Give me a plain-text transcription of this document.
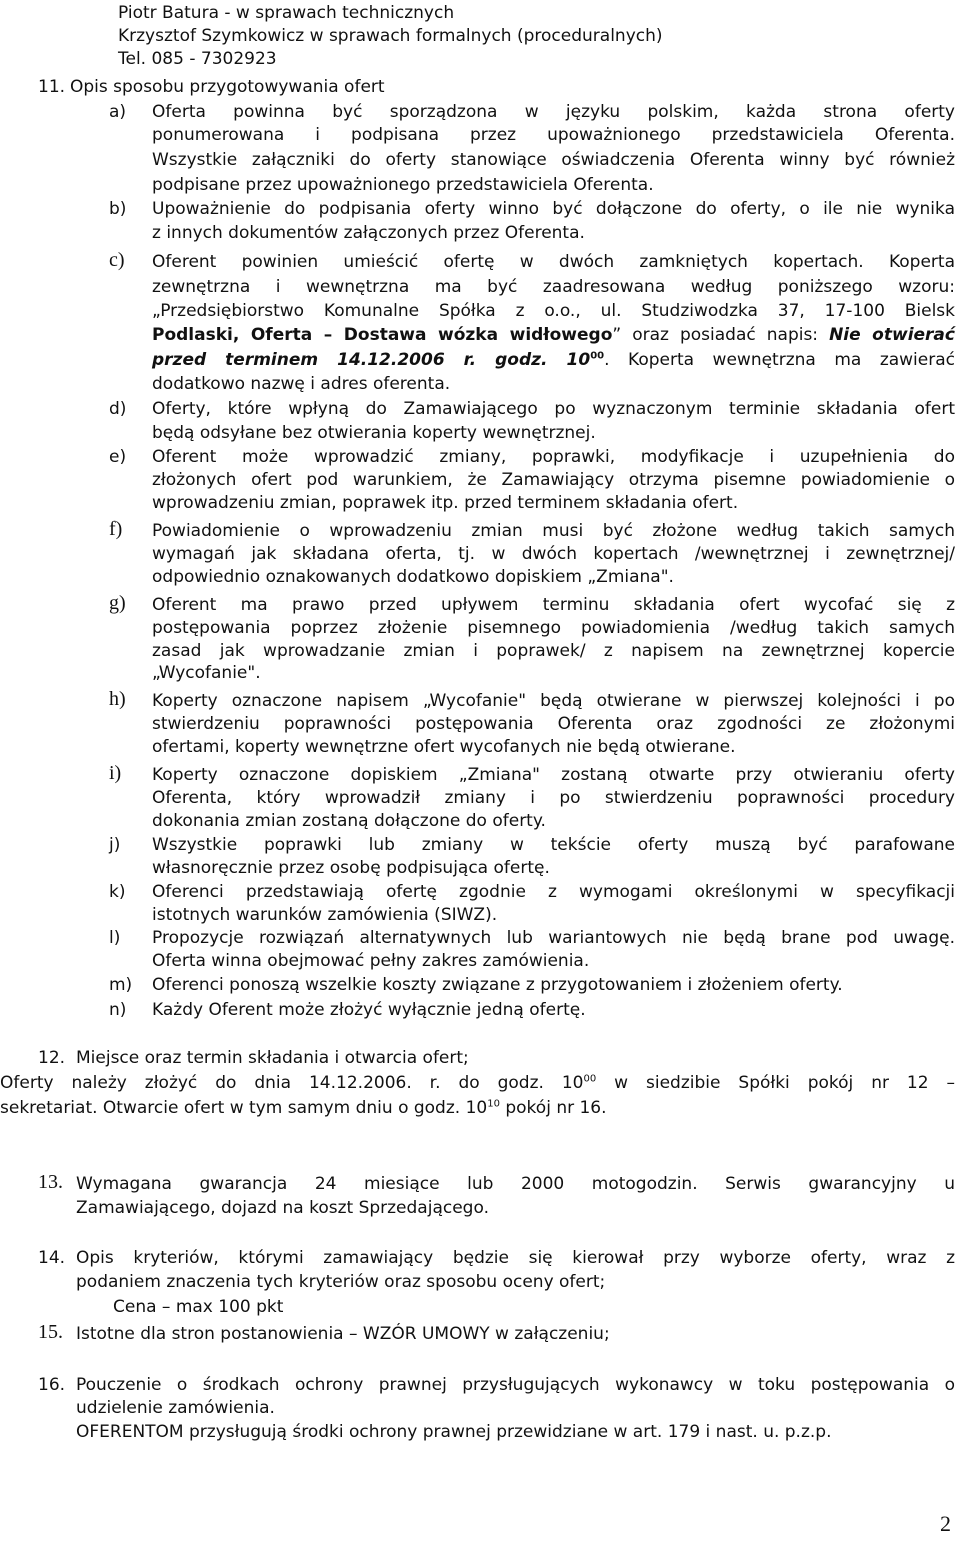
Piotr Batura - w sprawach technicznych
Krzysztof Szymkowicz w sprawach formalnych (proceduralnych)
Tel. 085 - 7302923
11. Opis sposobu przygotowywania ofert
a) Oferta powinna być sporządzona w języku polskim, każda strona oferty
ponumerowana i podpisana przez upoważnionego przedstawiciela Oferenta.
Wszystkie załączniki do oferty stanowiące oświadczenia Oferenta winny być również
podpisane przez upoważnionego przedstawiciela Oferenta.
b) Upoważnienie do podpisania oferty winno być dołączone do oferty, o ile nie wynika
z innych dokumentów załączonych przez Oferenta.
c) Oferent powinien umieścić ofertę w dwóch zamkniętych kopertach. Koperta
zewnętrzna i wewnętrzna ma być zaadresowana według poniższego wzoru:
„Przedsiębiorstwo Komunalne Spółka z o.o., ul. Studziwodzka 37, 17-100 Bielsk
Podlaski, Oferta – Dostawa wózka widłowego” oraz posiadać napis: Nie otwierać
przed terminem 14.12.2006 r. godz. $10^{00}$. Koperta wewnętrzna ma zawierać
dodatkowo nazwę i adres oferenta.
d) Oferty, które wpłyną do Zamawiającego po wyznaczonym terminie składania ofert
będą odsyłane bez otwierania koperty wewnętrznej.
e) Oferent może wprowadzić zmiany, poprawki, modyfikacje i uzupełnienia do
złożonych ofert pod warunkiem, że Zamawiający otrzyma pisemne powiadomienie o
wprowadzeniu zmian, poprawek itp. przed terminem składania ofert.
f) Powiadomienie o wprowadzeniu zmian musi być złożone według takich samych
wymagań jak składana oferta, tj. w dwóch kopertach /wewnętrznej i zewnętrznej/
odpowiednio oznakowanych dodatkowo dopiskiem „Zmiana".
g) Oferent ma prawo przed upływem terminu składania ofert wycofać się z
postępowania poprzez złożenie pisemnego powiadomienia /według takich samych
zasad jak wprowadzanie zmian i poprawek/ z napisem na zewnętrznej kopercie
„Wycofanie".
h) Koperty oznaczone napisem „Wycofanie" będą otwierane w pierwszej kolejności i po
stwierdzeniu poprawności postępowania Oferenta oraz zgodności ze złożonymi
ofertami, koperty wewnętrzne ofert wycofanych nie będą otwierane.
i) Koperty oznaczone dopiskiem „Zmiana" zostaną otwarte przy otwieraniu oferty
Oferenta, który wprowadził zmiany i po stwierdzeniu poprawności procedury
dokonania zmian zostaną dołączone do oferty.
j) Wszystkie poprawki lub zmiany w tekście oferty muszą być parafowane
własnoręcznie przez osobę podpisująca ofertę.
k) Oferenci przedstawiają ofertę zgodnie z wymogami określonymi w specyfikacji
istotnych warunków zamówienia (SIWZ).
l) Propozycje rozwiązań alternatywnych lub wariantowych nie będą brane pod uwagę.
Oferta winna obejmować pełny zakres zamówienia.
m) Oferenci ponoszą wszelkie koszty związane z przygotowaniem i złożeniem oferty.
n) Każdy Oferent może złożyć wyłącznie jedną ofertę.
12. Miejsce oraz termin składania i otwarcia ofert;
Oferty należy złożyć do dnia 14.12.2006. r. do godz. $10^{00}$ w siedzibie Spółki pokój nr 12 –
sekretariat. Otwarcie ofert w tym samym dniu o godz. $10^{10}$ pokój nr 16.
13. Wymagana gwarancja 24 miesiące lub 2000 motogodzin. Serwis gwarancyjny u
Zamawiającego, dojazd na koszt Sprzedającego.
14. Opis kryteriów, którymi zamawiający będzie się kierował przy wyborze oferty, wraz z
podaniem znaczenia tych kryteriów oraz sposobu oceny ofert;
Cena – max 100 pkt
15. Istotne dla stron postanowienia – WZÓR UMOWY w załączeniu;
16. Pouczenie o środkach ochrony prawnej przysługujących wykonawcy w toku postępowania o
udzielenie zamówienia.
OFERENTOM przysługują środki ochrony prawnej przewidziane w art. 179 i nast. u. p.z.p.
2
